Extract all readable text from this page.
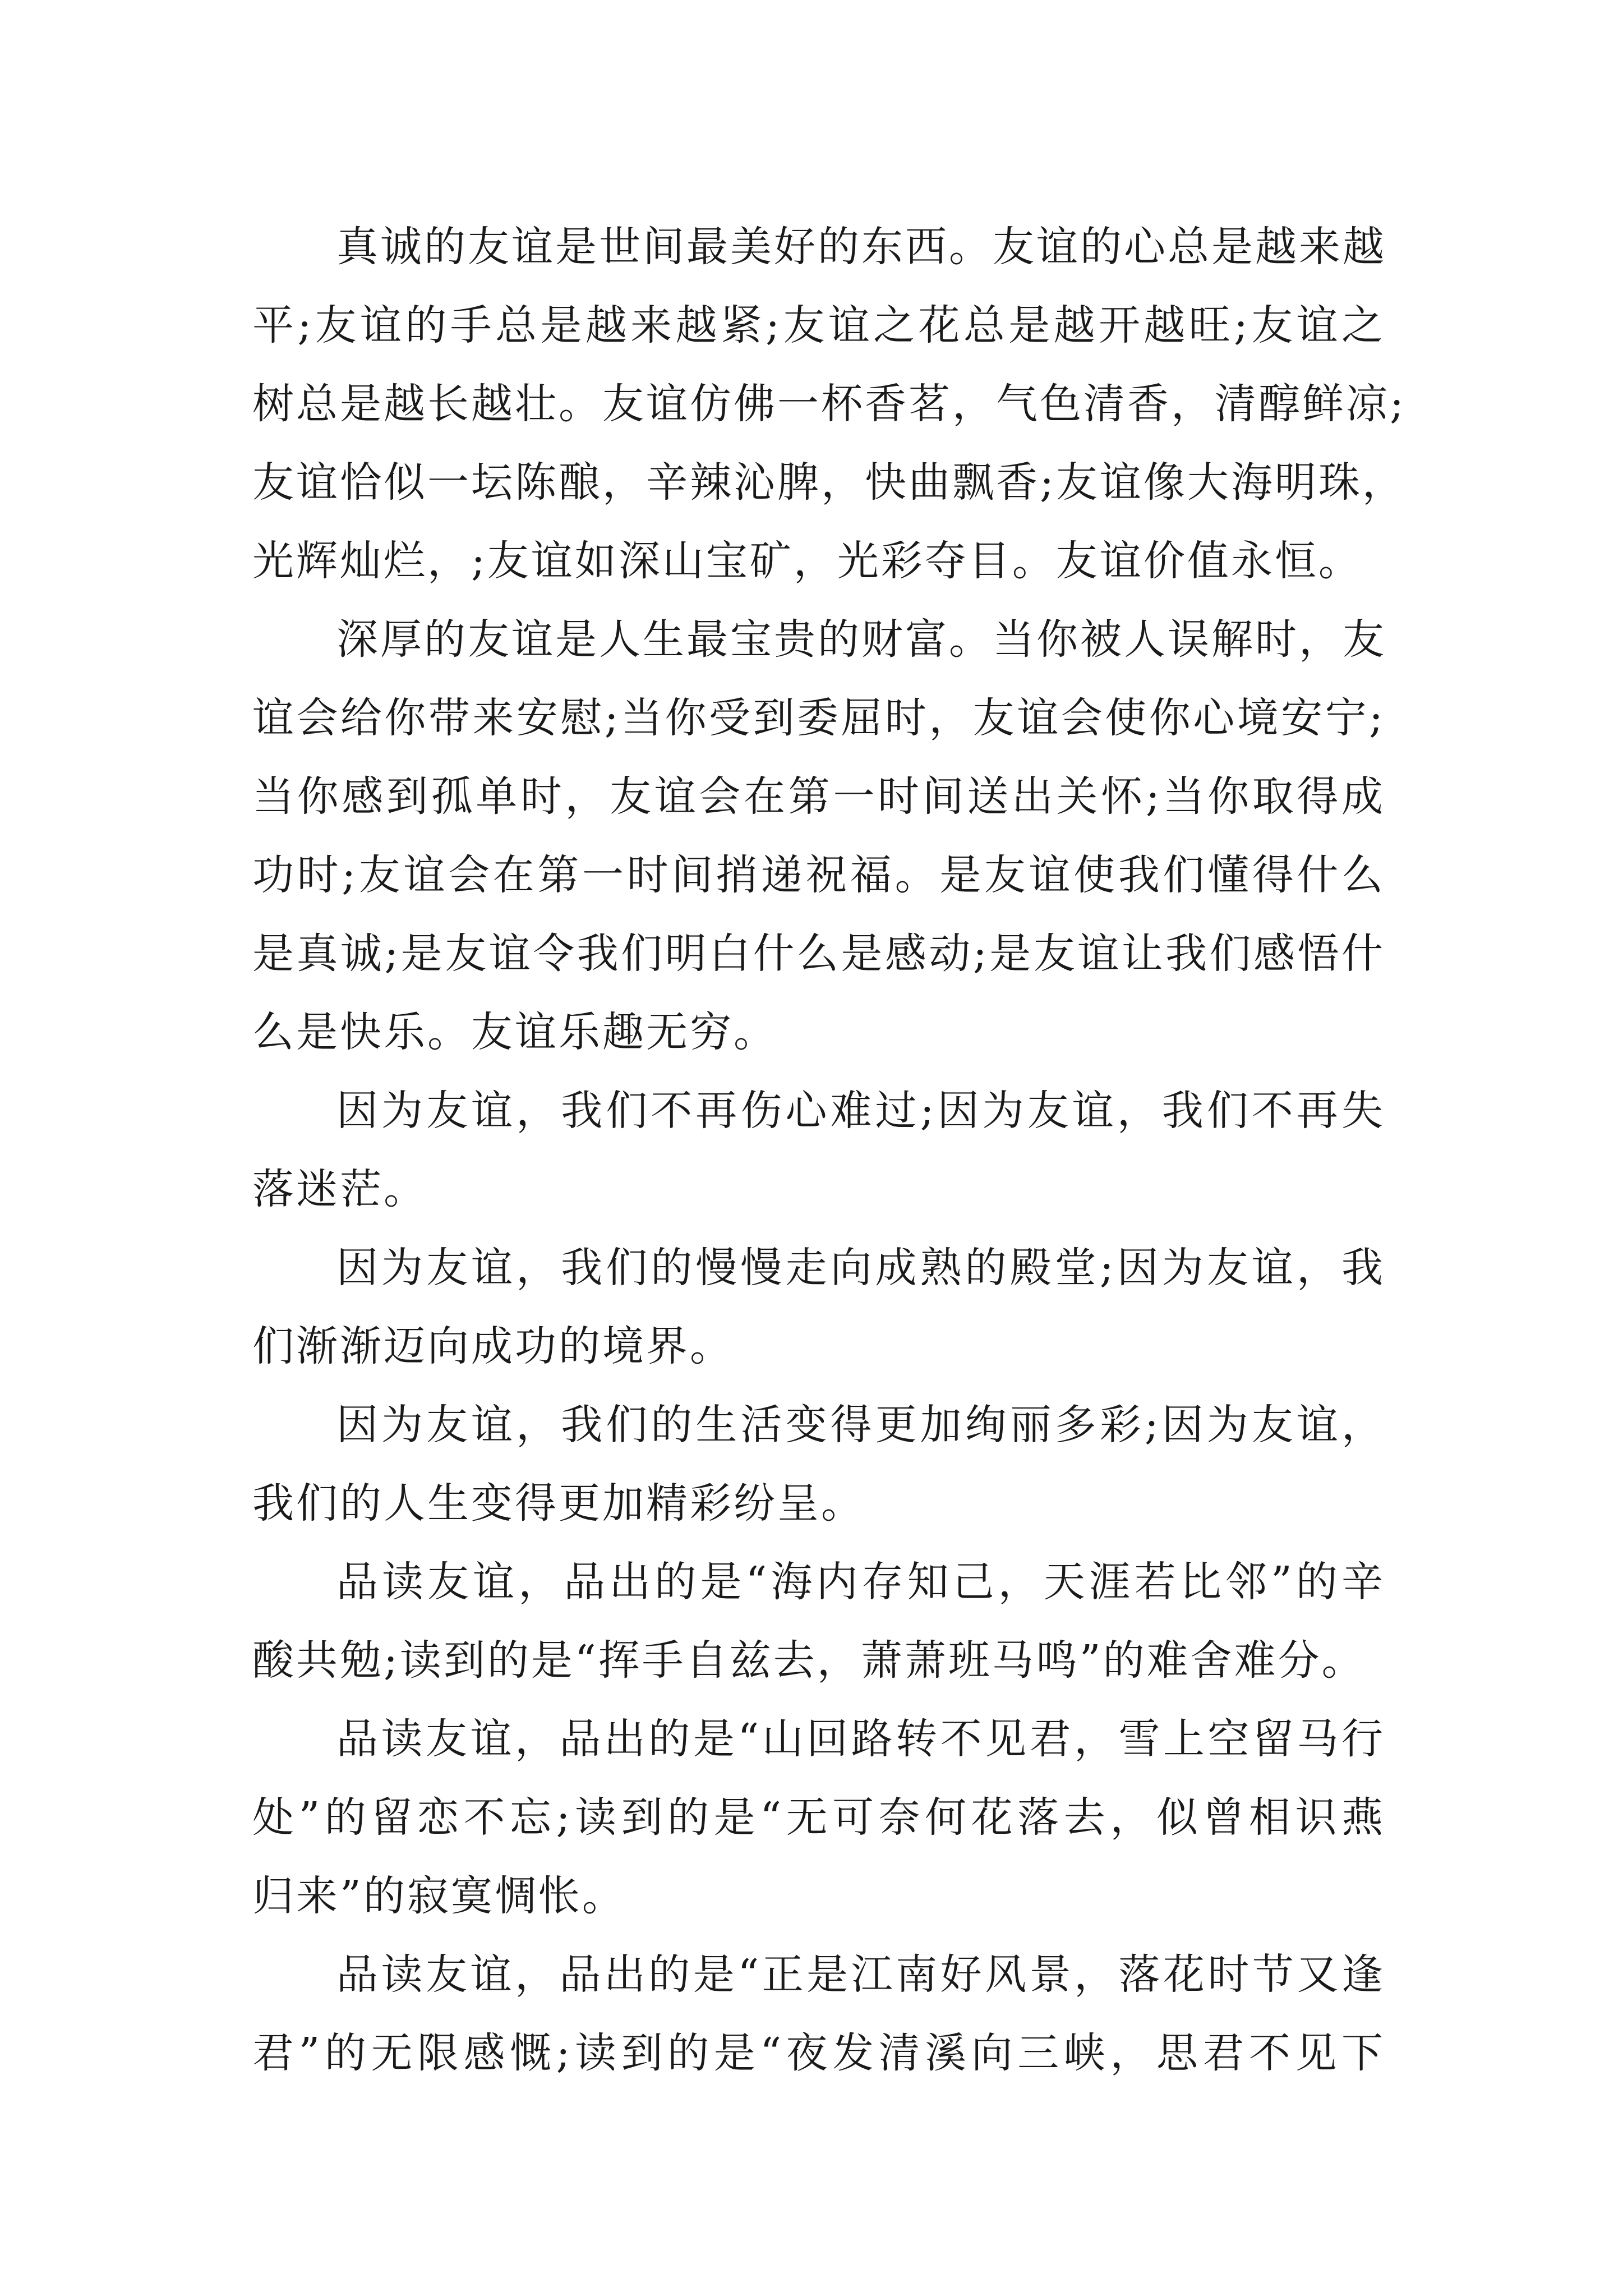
真诚的友谊是世间最美好的东西。友谊的心总是越来越
平;友谊的手总是越来越紧;友谊之花总是越开越旺;友谊之
树总是越长越壮。友谊仿佛一杯香茗，气色清香，清醇鲜凉;
友谊恰似一坛陈酿，辛辣沁脾，快曲飘香;友谊像大海明珠，
光辉灿烂，;友谊如深山宝矿，光彩夺目。友谊价值永恒。
深厚的友谊是人生最宝贵的财富。当你被人误解时，友
谊会给你带来安慰;当你受到委屈时，友谊会使你心境安宁;
当你感到孤单时，友谊会在第一时间送出关怀;当你取得成
功时;友谊会在第一时间捎递祝福。是友谊使我们懂得什么
是真诚;是友谊令我们明白什么是感动;是友谊让我们感悟什
么是快乐。友谊乐趣无穷。
因为友谊，我们不再伤心难过;因为友谊，我们不再失
落迷茫。
因为友谊，我们的慢慢走向成熟的殿堂;因为友谊，我
们渐渐迈向成功的境界。
因为友谊，我们的生活变得更加绚丽多彩;因为友谊，
我们的人生变得更加精彩纷呈。
品读友谊，品出的是“海内存知己，天涯若比邻”的辛
酸共勉;读到的是“挥手自兹去，萧萧班马鸣”的难舍难分。
品读友谊，品出的是“山回路转不见君，雪上空留马行
处”的留恋不忘;读到的是“无可奈何花落去，似曾相识燕
归来”的寂寞惆怅。
品读友谊，品出的是“正是江南好风景，落花时节又逢
君”的无限感慨;读到的是“夜发清溪向三峡，思君不见下
